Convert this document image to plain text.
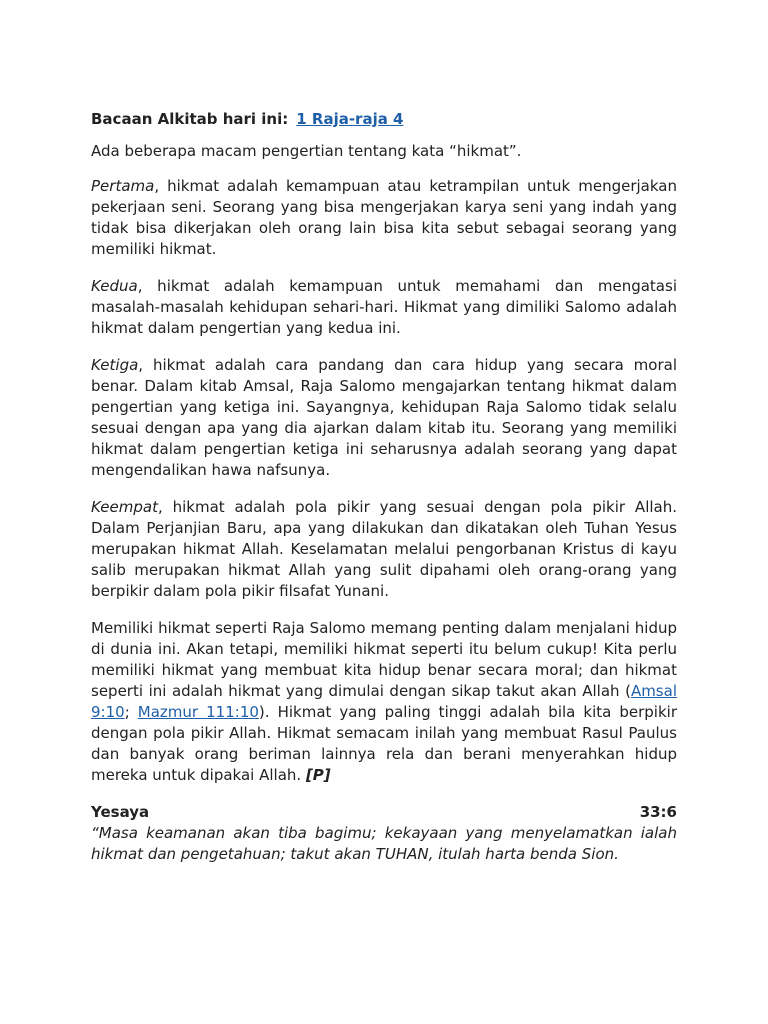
Bacaan Alkitab hari ini: 1 Raja-raja 4

Ada beberapa macam pengertian tentang kata “hikmat”.

Pertama, hikmat adalah kemampuan atau ketrampilan untuk mengerjakan pekerjaan seni. Seorang yang bisa mengerjakan karya seni yang indah yang tidak bisa dikerjakan oleh orang lain bisa kita sebut sebagai seorang yang memiliki hikmat.

Kedua, hikmat adalah kemampuan untuk memahami dan mengatasi masalah-masalah kehidupan sehari-hari. Hikmat yang dimiliki Salomo adalah hikmat dalam pengertian yang kedua ini.

Ketiga, hikmat adalah cara pandang dan cara hidup yang secara moral benar. Dalam kitab Amsal, Raja Salomo mengajarkan tentang hikmat dalam pengertian yang ketiga ini. Sayangnya, kehidupan Raja Salomo tidak selalu sesuai dengan apa yang dia ajarkan dalam kitab itu. Seorang yang memiliki hikmat dalam pengertian ketiga ini seharusnya adalah seorang yang dapat mengendalikan hawa nafsunya.

Keempat, hikmat adalah pola pikir yang sesuai dengan pola pikir Allah. Dalam Perjanjian Baru, apa yang dilakukan dan dikatakan oleh Tuhan Yesus merupakan hikmat Allah. Keselamatan melalui pengorbanan Kristus di kayu salib merupakan hikmat Allah yang sulit dipahami oleh orang-orang yang berpikir dalam pola pikir filsafat Yunani.

Memiliki hikmat seperti Raja Salomo memang penting dalam menjalani hidup di dunia ini. Akan tetapi, memiliki hikmat seperti itu belum cukup! Kita perlu memiliki hikmat yang membuat kita hidup benar secara moral; dan hikmat seperti ini adalah hikmat yang dimulai dengan sikap takut akan Allah (Amsal 9:10; Mazmur 111:10). Hikmat yang paling tinggi adalah bila kita berpikir dengan pola pikir Allah. Hikmat semacam inilah yang membuat Rasul Paulus dan banyak orang beriman lainnya rela dan berani menyerahkan hidup mereka untuk dipakai Allah. [P]

Yesaya	33:6

“Masa keamanan akan tiba bagimu; kekayaan yang menyelamatkan ialah hikmat dan pengetahuan; takut akan TUHAN, itulah harta benda Sion.
